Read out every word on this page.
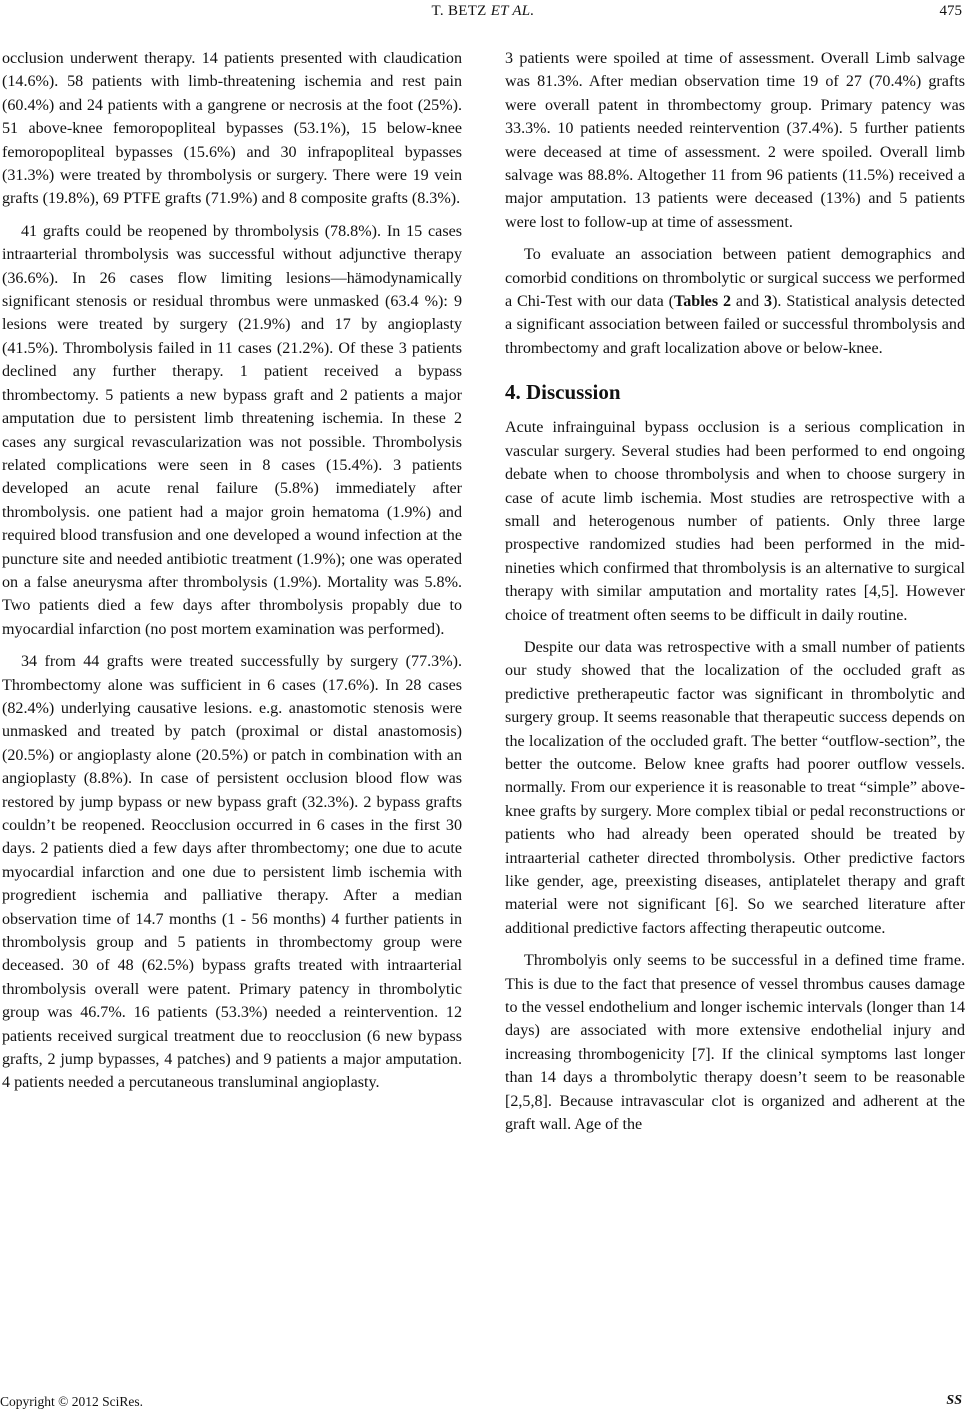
T. BETZ ET AL.	475

occlusion underwent therapy. 14 patients presented with claudication (14.6%). 58 patients with limb-threatening ischemia and rest pain (60.4%) and 24 patients with a gangrene or necrosis at the foot (25%). 51 above-knee femoropopliteal bypasses (53.1%), 15 below-knee femoropopliteal bypasses (15.6%) and 30 infrapopliteal bypasses (31.3%) were treated by thrombolysis or surgery. There were 19 vein grafts (19.8%), 69 PTFE grafts (71.9%) and 8 composite grafts (8.3%).

41 grafts could be reopened by thrombolysis (78.8%). In 15 cases intraarterial thrombolysis was successful without adjunctive therapy (36.6%). In 26 cases flow limiting lesions—hämodynamically significant stenosis or residual thrombus were unmasked (63.4 %): 9 lesions were treated by surgery (21.9%) and 17 by angioplasty (41.5%). Thrombolysis failed in 11 cases (21.2%). Of these 3 patients declined any further therapy. 1 patient received a bypass thrombectomy. 5 patients a new bypass graft and 2 patients a major amputation due to persistent limb threatening ischemia. In these 2 cases any surgical revascularization was not possible. Thrombolysis related complications were seen in 8 cases (15.4%). 3 patients developed an acute renal failure (5.8%) immediately after thrombolysis. one patient had a major groin hematoma (1.9%) and required blood transfusion and one developed a wound infection at the puncture site and needed antibiotic treatment (1.9%); one was operated on a false aneurysma after thrombolysis (1.9%). Mortality was 5.8%. Two patients died a few days after thrombolysis propably due to myocardial infarction (no post mortem examination was performed).

34 from 44 grafts were treated successfully by surgery (77.3%). Thrombectomy alone was sufficient in 6 cases (17.6%). In 28 cases (82.4%) underlying causative lesions. e.g. anastomotic stenosis were unmasked and treated by patch (proximal or distal anastomosis) (20.5%) or angioplasty alone (20.5%) or patch in combination with an angioplasty (8.8%). In case of persistent occlusion blood flow was restored by jump bypass or new bypass graft (32.3%). 2 bypass grafts couldn’t be reopened. Reocclusion occurred in 6 cases in the first 30 days. 2 patients died a few days after thrombectomy; one due to acute myocardial infarction and one due to persistent limb ischemia with progredient ischemia and palliative therapy. After a median observation time of 14.7 months (1 - 56 months) 4 further patients in thrombolysis group and 5 patients in thrombectomy group were deceased. 30 of 48 (62.5%) bypass grafts treated with intraarterial thrombolysis overall were patent. Primary patency in thrombolytic group was 46.7%. 16 patients (53.3%) needed a reintervention. 12 patients received surgical treatment due to reocclusion (6 new bypass grafts, 2 jump bypasses, 4 patches) and 9 patients a major amputation. 4 patients needed a percutaneous transluminal angioplasty.

3 patients were spoiled at time of assessment. Overall Limb salvage was 81.3%. After median observation time 19 of 27 (70.4%) grafts were overall patent in thrombectomy group. Primary patency was 33.3%. 10 patients needed reintervention (37.4%). 5 further patients were deceased at time of assessment. 2 were spoiled. Overall limb salvage was 88.8%. Altogether 11 from 96 patients (11.5%) received a major amputation. 13 patients were deceased (13%) and 5 patients were lost to follow-up at time of assessment.

To evaluate an association between patient demographics and comorbid conditions on thrombolytic or surgical success we performed a Chi-Test with our data (Tables 2 and 3). Statistical analysis detected a significant association between failed or successful thrombolysis and thrombectomy and graft localization above or below-knee.

4. Discussion

Acute infrainguinal bypass occlusion is a serious complication in vascular surgery. Several studies had been performed to end ongoing debate when to choose thrombolysis and when to choose surgery in case of acute limb ischemia. Most studies are retrospective with a small and heterogenous number of patients. Only three large prospective randomized studies had been performed in the mid-nineties which confirmed that thrombolysis is an alternative to surgical therapy with similar amputation and mortality rates [4,5]. However choice of treatment often seems to be difficult in daily routine.

Despite our data was retrospective with a small number of patients our study showed that the localization of the occluded graft as predictive pretherapeutic factor was significant in thrombolytic and surgery group. It seems reasonable that therapeutic success depends on the localization of the occluded graft. The better “outflow-section”, the better the outcome. Below knee grafts had poorer outflow vessels. normally. From our experience it is reasonable to treat “simple” above-knee grafts by surgery. More complex tibial or pedal reconstructions or patients who had already been operated should be treated by intraarterial catheter directed thrombolysis. Other predictive factors like gender, age, preexisting diseases, antiplatelet therapy and graft material were not significant [6]. So we searched literature after additional predictive factors affecting therapeutic outcome.

Thrombolyis only seems to be successful in a defined time frame. This is due to the fact that presence of vessel thrombus causes damage to the vessel endothelium and longer ischemic intervals (longer than 14 days) are associated with more extensive endothelial injury and increasing thrombogenicity [7]. If the clinical symptoms last longer than 14 days a thrombolytic therapy doesn’t seem to be reasonable [2,5,8]. Because intravascular clot is organized and adherent at the graft wall. Age of the

Copyright © 2012 SciRes.	SS
